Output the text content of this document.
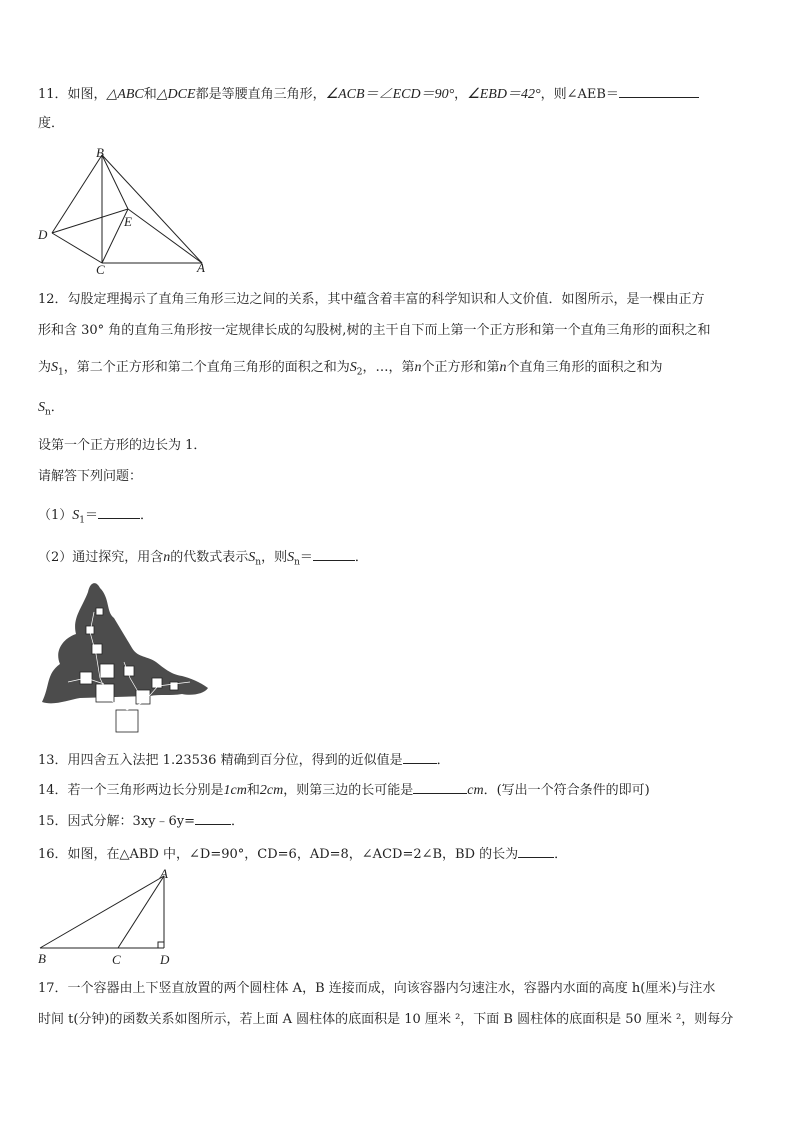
11．如图，△ABC和△DCE都是等腰直角三角形，∠ACB＝∠ECD＝90°，∠EBD＝42°，则∠AEB＝
度．
B
D
E
C	A
12．勾股定理揭示了直角三角形三边之间的关系，其中蕴含着丰富的科学知识和人文价值．如图所示，是一棵由正方
形和含 30° 角的直角三角形按一定规律长成的勾股树,树的主干自下而上第一个正方形和第一个直角三角形的面积之和
为$S_1$，第二个正方形和第二个直角三角形的面积之和为$S_2$，…，第n个正方形和第n个直角三角形的面积之和为
$S_n$．
设第一个正方形的边长为 1．
请解答下列问题：
$(1)S_1=$	．
（2）通过探究，用含n的代数式表示$S_n$，则$S_n=$	．
13．用四舍五入法把 1.23536 精确到百分位，得到的近似值是	．
14．若一个三角形两边长分别是1cm和2cm，则第三边的长可能是	cm．(写出一个符合条件的即可)
15．因式分解：3xy﹣6y=	．
16．如图，在△ABD 中，∠D=90°，CD=6，AD=8，∠ACD=2∠B，BD 的长为	．
A
B	C	D
17．一个容器由上下竖直放置的两个圆柱体 A，B 连接而成，向该容器内匀速注水，容器内水面的高度 h(厘米)与注水
时间 t(分钟)的函数关系如图所示，若上面 A 圆柱体的底面积是 10 厘米 ²，下面 B 圆柱体的底面积是 50 厘米 ²，则每分
